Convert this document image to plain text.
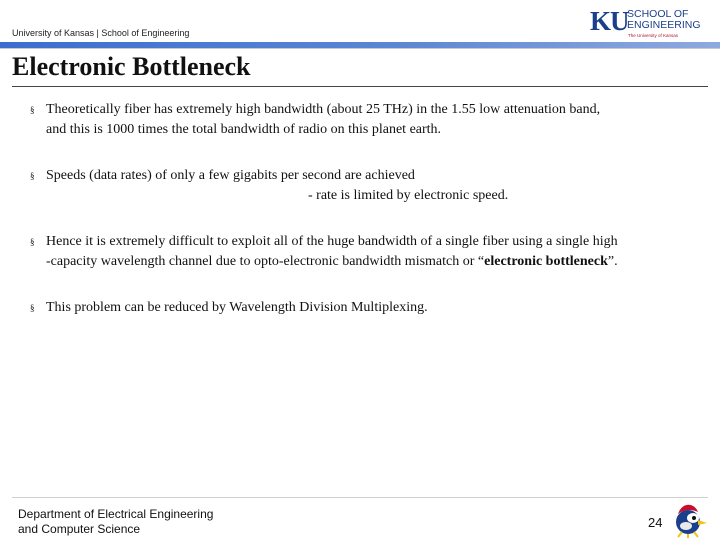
University of Kansas | School of Engineering	KU
SCHOOL OF
ENGINEERING
The University of Kansas
Electronic Bottleneck
§ Theoretically fiber has extremely high bandwidth (about 25 THz) in the 1.55 low attenuation band,
and this is 1000 times the total bandwidth of radio on this planet earth.
§ Speeds (data rates) of only a few gigabits per second are achieved
- rate is limited by electronic speed.
§ Hence it is extremely difficult to exploit all of the huge bandwidth of a single fiber using a single high
-capacity wavelength channel due to opto-electronic bandwidth mismatch or “electronic bottleneck”.
§ This problem can be reduced by Wavelength Division Multiplexing.
Department of Electrical Engineering
and Computer Science	24
